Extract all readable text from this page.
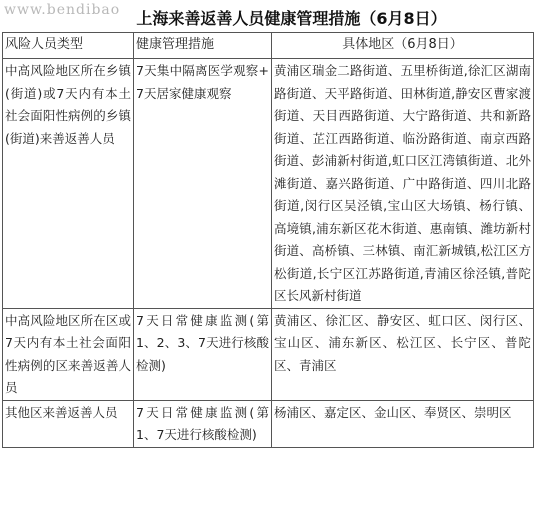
www.bendibao	上海来善返善人员健康管理措施（6月8日）
风险人员类型	健康管理措施	具体地区（6月8日）
中高风险地区所在乡镇(街道)或7天内有本土社会面阳性病例的乡镇(街道)来善返善人员	7天集中隔离医学观察+7天居家健康观察	黄浦区瑞金二路街道、五里桥街道,徐汇区湖南路街道、天平路街道、田林街道,静安区曹家渡街道、天目西路街道、大宁路街道、共和新路街道、芷江西路街道、临汾路街道、南京西路街道、彭浦新村街道,虹口区江湾镇街道、北外滩街道、嘉兴路街道、广中路街道、四川北路街道,闵行区吴泾镇,宝山区大场镇、杨行镇、高境镇,浦东新区花木街道、惠南镇、潍坊新村街道、高桥镇、三林镇、南汇新城镇,松江区方松街道,长宁区江苏路街道,青浦区徐泾镇,普陀区长风新村街道
中高风险地区所在区或7天内有本土社会面阳性病例的区来善返善人员	7天日常健康监测(第1、2、3、7天进行核酸检测)	黄浦区、徐汇区、静安区、虹口区、闵行区、宝山区、浦东新区、松江区、长宁区、普陀区、青浦区
其他区来善返善人员	7天日常健康监测(第1、7天进行核酸检测)	杨浦区、嘉定区、金山区、奉贤区、崇明区
